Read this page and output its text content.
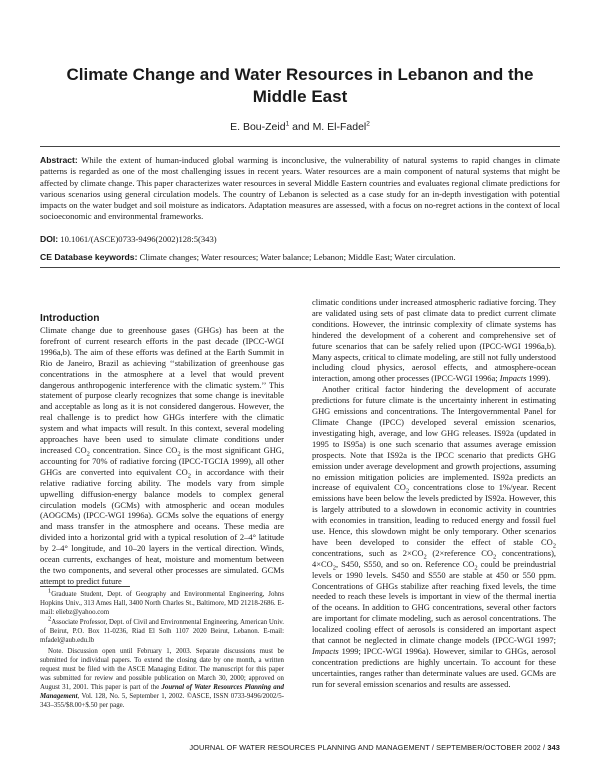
Climate Change and Water Resources in Lebanon and the Middle East
E. Bou-Zeid$^1$ and M. El-Fadel$^2$

Abstract: While the extent of human-induced global warming is inconclusive, the vulnerability of natural systems to rapid changes in climate patterns is regarded as one of the most challenging issues in recent years. Water resources are a main component of natural systems that might be affected by climate change. This paper characterizes water resources in several Middle Eastern countries and evaluates regional climate predictions for various scenarios using general circulation models. The country of Lebanon is selected as a case study for an in-depth investigation with potential impacts on the water budget and soil moisture as indicators. Adaptation measures are assessed, with a focus on no-regret actions in the context of local socioeconomic and environmental frameworks.

DOI: 10.1061/(ASCE)0733-9496(2002)128:5(343)

CE Database keywords: Climate changes; Water resources; Water balance; Lebanon; Middle East; Water circulation.

Introduction

Climate change due to greenhouse gases (GHGs) has been at the forefront of current research efforts in the past decade (IPCC-WGI 1996a,b). The aim of these efforts was defined at the Earth Summit in Rio de Janeiro, Brazil as achieving ‘‘stabilization of greenhouse gas concentrations in the atmosphere at a level that would prevent dangerous anthropogenic interference with the climatic system.’’ This statement of purpose clearly recognizes that some change is inevitable and acceptable as long as it is not considered dangerous. However, the real challenge is to predict how GHGs interfere with the climatic system and what impacts will result. In this context, several modeling approaches have been used to simulate climate conditions under increased $CO_2$ concentration. Since $CO_2$ is the most significant GHG, accounting for 70% of radiative forcing (IPCC-TGCIA 1999), all other GHGs are converted into equivalent $CO_2$ in accordance with their relative radiative forcing ability. The models vary from simple upwelling diffusion-energy balance models to complex general circulation models (GCMs) with atmospheric and ocean modules (AOGCMs) (IPCC-WGI 1996a). GCMs solve the equations of energy and mass transfer in the atmosphere and oceans. These media are divided into a horizontal grid with a typical resolution of 2–4° latitude by 2–4° longitude, and 10–20 layers in the vertical direction. Winds, ocean currents, exchanges of heat, moisture and momentum between the two components, and several other processes are simulated. GCMs attempt to predict future

$^1$Graduate Student, Dept. of Geography and Environmental Engineering, Johns Hopkins Univ., 313 Ames Hall, 3400 North Charles St., Baltimore, MD 21218-2686. E-mail: eliebz@yahoo.com

$^2$Associate Professor, Dept. of Civil and Environmental Engineering, American Univ. of Beirut, P.O. Box 11-0236, Riad El Solh 1107 2020 Beirut, Lebanon. E-mail: mfadel@aub.edu.lb

Note. Discussion open until February 1, 2003. Separate discussions must be submitted for individual papers. To extend the closing date by one month, a written request must be filed with the ASCE Managing Editor. The manuscript for this paper was submitted for review and possible publication on March 30, 2000; approved on August 31, 2001. This paper is part of the Journal of Water Resources Planning and Management, Vol. 128, No. 5, September 1, 2002. ©ASCE, ISSN 0733-9496/2002/5-343–355/$8.00+$.50 per page.

climatic conditions under increased atmospheric radiative forcing. They are validated using sets of past climate data to predict current climate conditions. However, the intrinsic complexity of climate systems has hindered the development of a coherent and comprehensive set of future scenarios that can be safely relied upon (IPCC-WGI 1996a,b). Many aspects, critical to climate modeling, are still not fully understood including cloud physics, aerosol effects, and atmosphere-ocean interaction, among other processes (IPCC-WGI 1996a; Impacts 1999).

Another critical factor hindering the development of accurate predictions for future climate is the uncertainty inherent in estimating GHG emissions and concentrations. The Intergovernmental Panel for Climate Change (IPCC) developed several emission scenarios, investigating high, average, and low GHG releases. IS92a (updated in 1995 to IS95a) is one such scenario that assumes average emission prospects. Note that IS92a is the IPCC scenario that predicts GHG emission under average development and growth projections, assuming no emission mitigation policies are implemented. IS92a predicts an increase of equivalent $CO_2$ concentrations close to 1%/year. Recent emissions have been below the levels predicted by IS92a. However, this is largely attributed to a slowdown in economic activity in countries with economies in transition, leading to reduced energy and fossil fuel use. Hence, this slowdown might be only temporary. Other scenarios have been developed to consider the effect of stable $CO_2$ concentrations, such as $2\times CO_2$ (2×reference $CO_2$ concentrations), $4\times CO_2$, S450, S550, and so on. Reference $CO_2$ could be preindustrial levels or 1990 levels. S450 and S550 are stable at 450 or 550 ppm. Concentrations of GHGs stabilize after reaching fixed levels, the time needed to reach these levels is important in view of the thermal inertia of the oceans. In addition to GHG concentrations, several other factors are important for climate modeling, such as aerosol concentrations. The localized cooling effect of aerosols is considered an important aspect that cannot be neglected in climate change models (IPCC-WGI 1997; Impacts 1999; IPCC-WGI 1996a). However, similar to GHGs, aerosol concentration predictions are highly uncertain. To account for these uncertainties, ranges rather than determinate values are used. GCMs are run for several emission scenarios and results are assessed.

JOURNAL OF WATER RESOURCES PLANNING AND MANAGEMENT / SEPTEMBER/OCTOBER 2002 / 343
